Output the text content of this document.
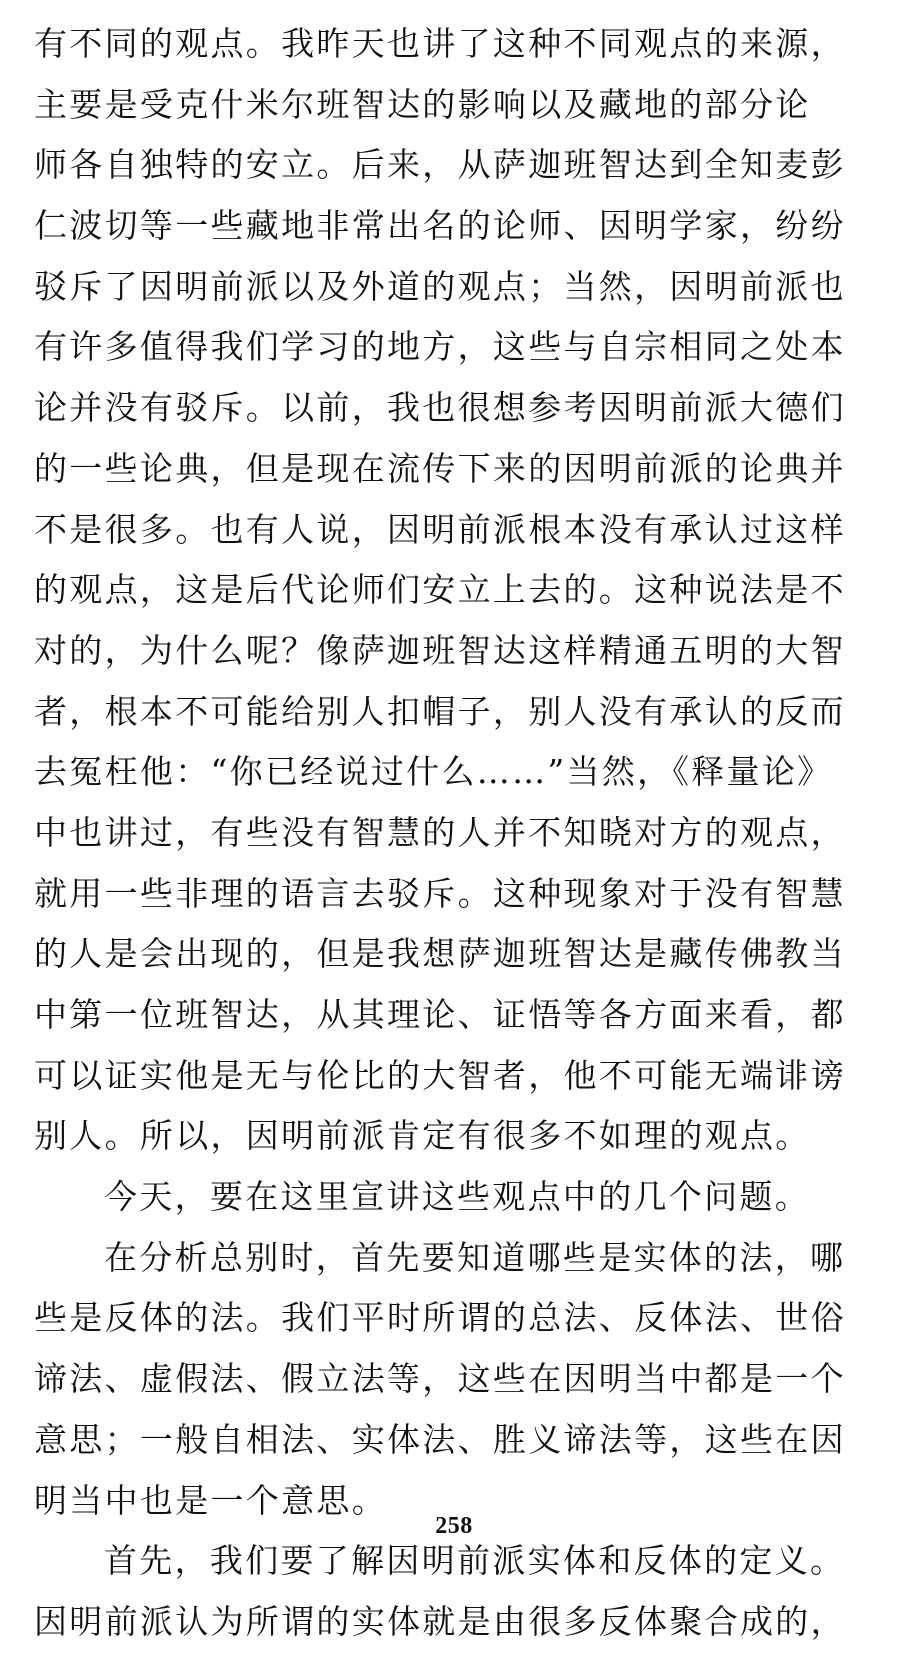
有不同的观点。我昨天也讲了这种不同观点的来源，
主要是受克什米尔班智达的影响以及藏地的部分论
师各自独特的安立。后来，从萨迦班智达到全知麦彭
仁波切等一些藏地非常出名的论师、因明学家，纷纷
驳斥了因明前派以及外道的观点；当然，因明前派也
有许多值得我们学习的地方，这些与自宗相同之处本
论并没有驳斥。以前，我也很想参考因明前派大德们
的一些论典，但是现在流传下来的因明前派的论典并
不是很多。也有人说，因明前派根本没有承认过这样
的观点，这是后代论师们安立上去的。这种说法是不
对的，为什么呢？像萨迦班智达这样精通五明的大智
者，根本不可能给别人扣帽子，别人没有承认的反而
去冤枉他：“你已经说过什么……”当然，《释量论》
中也讲过，有些没有智慧的人并不知晓对方的观点，
就用一些非理的语言去驳斥。这种现象对于没有智慧
的人是会出现的，但是我想萨迦班智达是藏传佛教当
中第一位班智达，从其理论、证悟等各方面来看，都
可以证实他是无与伦比的大智者，他不可能无端诽谤
别人。所以，因明前派肯定有很多不如理的观点。
今天，要在这里宣讲这些观点中的几个问题。
在分析总别时，首先要知道哪些是实体的法，哪
些是反体的法。我们平时所谓的总法、反体法、世俗
谛法、虚假法、假立法等，这些在因明当中都是一个
意思；一般自相法、实体法、胜义谛法等，这些在因
明当中也是一个意思。
首先，我们要了解因明前派实体和反体的定义。
因明前派认为所谓的实体就是由很多反体聚合成的，
258
